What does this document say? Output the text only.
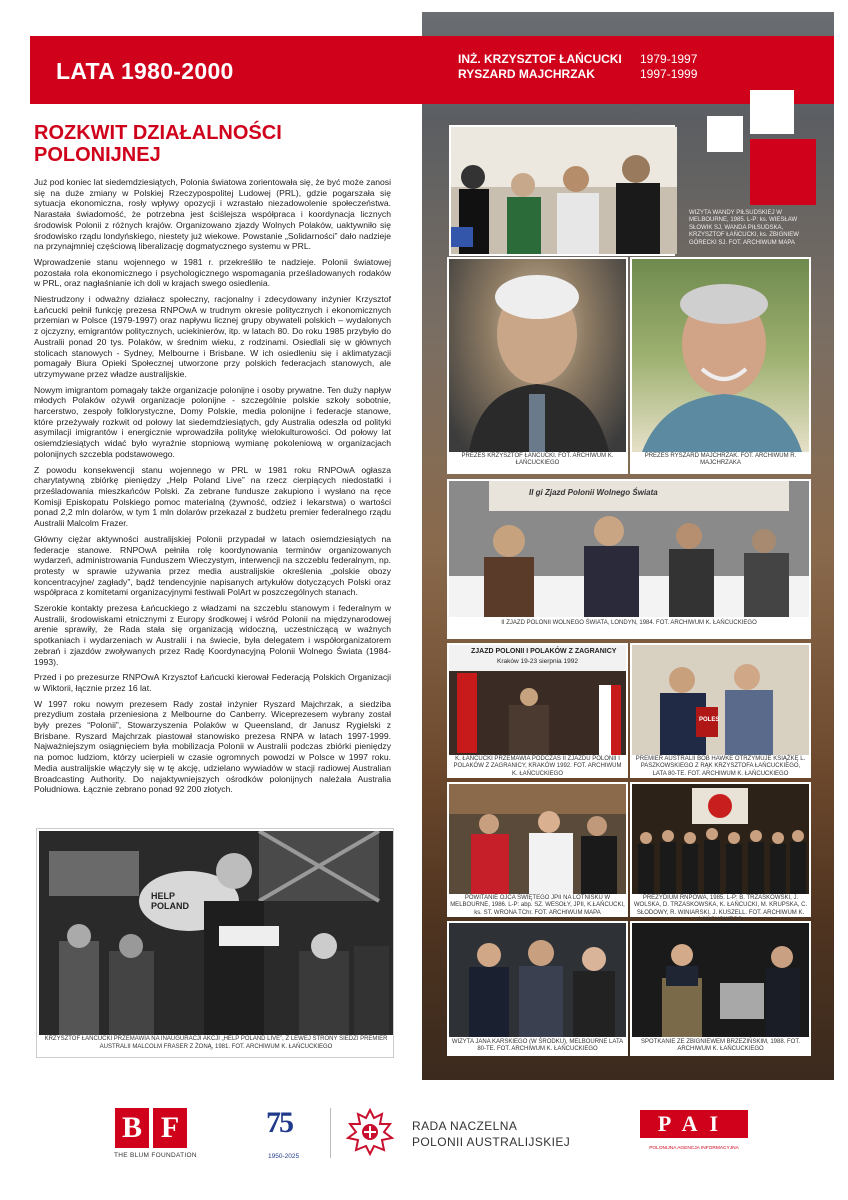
LATA 1980-2000	INŻ. KRZYSZTOF ŁAŃCUCKI
RYSZARD MAJCHRZAK
1979-1997
1997-1999
ROZKWIT DZIAŁALNOŚCI
POLONIJNEJ

Już pod koniec lat siedemdziesiątych, Polonia światowa zorientowała się, że być może zanosi się na duże zmiany w Polskiej Rzeczypospolitej Ludowej (PRL), gdzie pogarszała się sytuacja ekonomiczna, rosły wpływy opozycji i wzrastało niezadowolenie społeczeństwa. Narastała świadomość, że potrzebna jest ściślejsza współpraca i koordynacja licznych środowisk Polonii z różnych krajów. Organizowano zjazdy Wolnych Polaków, uaktywniło się środowisko rządu londyńskiego, niestety już wiekowe. Powstanie „Solidarności” dało nadzieje na przynajmniej częściową liberalizację dogmatycznego systemu w PRL.

Wprowadzenie stanu wojennego w 1981 r. przekreśliło te nadzieje. Polonii światowej pozostała rola ekonomicznego i psychologicznego wspomagania prześladowanych rodaków w PRL, oraz nagłaśnianie ich doli w krajach swego osiedlenia.

Niestrudzony i odważny działacz społeczny, racjonalny i zdecydowany inżynier Krzysztof Łańcucki pełnił funkcję prezesa RNPOwA w trudnym okresie politycznych i ekonomicznych przemian w Polsce (1979-1997) oraz napływu licznej grupy obywateli polskich – wydalonych z ojczyzny, emigrantów politycznych, uciekinierów, itp. w latach 80. Do roku 1985 przybyło do Australii ponad 20 tys. Polaków, w średnim wieku, z rodzinami. Osiedlali się w głównych stolicach stanowych - Sydney, Melbourne i Brisbane. W ich osiedleniu się i aklimatyzacji pomagały Biura Opieki Społecznej utworzone przy polskich federacjach stanowych, ale utrzymywane przez władze australijskie.

Nowym imigrantom pomagały także organizacje polonijne i osoby prywatne. Ten duży napływ młodych Polaków ożywił organizacje polonijne - szczególnie polskie szkoły sobotnie, harcerstwo, zespoły folklorystyczne, Domy Polskie, media polonijne i federacje stanowe, które przeżywały rozkwit od połowy lat siedemdziesiątych, gdy Australia odeszła od polityki asymilacji imigrantów i energicznie wprowadziła politykę wielokulturowości. Od połowy lat osiemdziesiątych widać było wyraźnie stopniową wymianę pokoleniową w organizacjach polonijnych szczebla podstawowego.

Z powodu konsekwencji stanu wojennego w PRL w 1981 roku RNPOwA ogłasza charytatywną zbiórkę pieniędzy „Help Poland Live” na rzecz cierpiących niedostatki i prześladowania mieszkańców Polski. Za zebrane fundusze zakupiono i wysłano na ręce Komisji Episkopatu Polskiego pomoc materialną (żywność, odzież i lekarstwa) o wartości ponad 2,2 mln dolarów, w tym 1 mln dolarów przekazał z budżetu premier federalnego rządu Australii Malcolm Frazer.

Główny ciężar aktywności australijskiej Polonii przypadał w latach osiemdziesiątych na federacje stanowe. RNPOwA pełniła rolę koordynowania terminów organizowanych wydarzeń, administrowania Funduszem Wieczystym, interwencji na szczeblu federalnym, np. protesty w sprawie używania przez media australijskie określenia „polskie obozy koncentracyjne/ zagłady”, bądź tendencyjnie napisanych artykułów dotyczących Polski oraz współpraca z komitetami organizacyjnymi festiwali PolArt w poszczególnych stanach.

Szerokie kontakty prezesa Łańcuckiego z władzami na szczeblu stanowym i federalnym w Australii, środowiskami etnicznymi z Europy środkowej i wśród Polonii na międzynarodowej arenie sprawiły, że Rada stała się organizacją widoczną, uczestniczącą w ważnych spotkaniach i wydarzeniach w Australii i na świecie, była delegatem i współorganizatorem zebrań i zjazdów zwoływanych przez Radę Koordynacyjną Polonii Wolnego Świata (1984-1993).

Przed i po prezesurze RNPOwA Krzysztof Łańcucki kierował Federacją Polskich Organizacji w Wiktorii, łącznie przez 16 lat.

W 1997 roku nowym prezesem Rady został inżynier Ryszard Majchrzak, a siedziba prezydium została przeniesiona z Melbourne do Canberry. Wiceprezesem wybrany został były prezes “Polonii”, Stowarzyszenia Polaków w Queensland, dr Janusz Rygielski z Brisbane. Ryszard Majchrzak piastował stanowisko prezesa RNPA w latach 1997-1999. Najważniejszym osiągnięciem była mobilizacja Polonii w Australii podczas zbiórki pieniędzy na pomoc ludziom, którzy ucierpieli w czasie ogromnych powodzi w Polsce w 1997 roku. Media australijskie włączyły się w tę akcję, udzielano wywiadów w stacji radiowej Australian Broadcasting Authority. Do najaktywniejszych ośrodków polonijnych należała Australia Południowa. Łącznie zebrano ponad 92 200 złotych.

HELP POLAND
KRZYSZTOF ŁAŃCUCKI PRZEMAWIA NA INAUGURACJI AKCJI „HELP POLAND LIVE”, Z LEWEJ STRONY SIEDZI PREMIER AUSTRALII MALCOLM FRASER Z ŻONĄ, 1981. FOT. ARCHIWUM K. ŁAŃCUCKIEGO
WIZYTA WANDY PIŁSUDSKIEJ W MELBOURNE, 1985. L-P: ks. WIESŁAW SŁOWIK SJ, WANDA PIŁSUDSKA, KRZYSZTOF ŁAŃCUCKI, ks. ZBIGNIEW GÓRECKI SJ. FOT. ARCHIWUM MAPA
PREZES KRZYSZTOF ŁAŃCUCKI. FOT. ARCHIWUM K. ŁAŃCUCKIEGO
PREZES RYSZARD MAJCHRZAK. FOT. ARCHIWUM R. MAJCHRZAKA
II gi Zjazd Polonii Wolnego Świata
II ZJAZD POLONII WOLNEGO ŚWIATA, LONDYN, 1984. FOT. ARCHIWUM K. ŁAŃCUCKIEGO
ZJAZD POLONII I POLAKÓW Z ZAGRANICY
Kraków 19-23 sierpnia 1992
K. ŁAŃCUCKI PRZEMAWIA PODCZAS II ZJAZDU POLONII I POLAKÓW Z ZAGRANICY, KRAKÓW 1992. FOT. ARCHIWUM K. ŁAŃCUCKIEGO
POLES
PREMIER AUSTRALII BOB HAWKE OTRZYMUJE KSIĄŻKĘ L. PASZKOWSKIEGO Z RĄK KRZYSZTOFA ŁAŃCUCKIEGO, LATA 80-TE. FOT. ARCHIWUM K. ŁAŃCUCKIEGO
POWITANIE OJCA ŚWIĘTEGO JPII NA LOTNISKU W MELBOURNE, 1986. L-P: abp. SZ. WESOŁY, JPII, K.ŁAŃCUCKI, ks. ST. WRONA TChr. FOT. ARCHIWUM MAPA
PREZYDIUM RNPOWA, 1985. L-P: B. TRZASKOWSKI, J. WOLSKA, D. TRZASKOWSKA, K. ŁAŃCUCKI, M. KRUPSKA, C. SŁODOWY, R. WINIARSKI, J. KUSZELL. FOT. ARCHIWUM K.
WIZYTA JANA KARSKIEGO (W ŚRODKU), MELBOURNE LATA 80-TE. FOT. ARCHIWUM K. ŁAŃCUCKIEGO
SPOTKANIE ZE ZBIGNIEWEM BRZEZIŃSKIM, 1988. FOT. ARCHIWUM K. ŁAŃCUCKIEGO
B F
THE BLUM FOUNDATION
75
1950-2025
RADA NACZELNA
POLONII AUSTRALIJSKIEJ
PAI
POLONIJNA AGENCJA INFORMACYJNA
